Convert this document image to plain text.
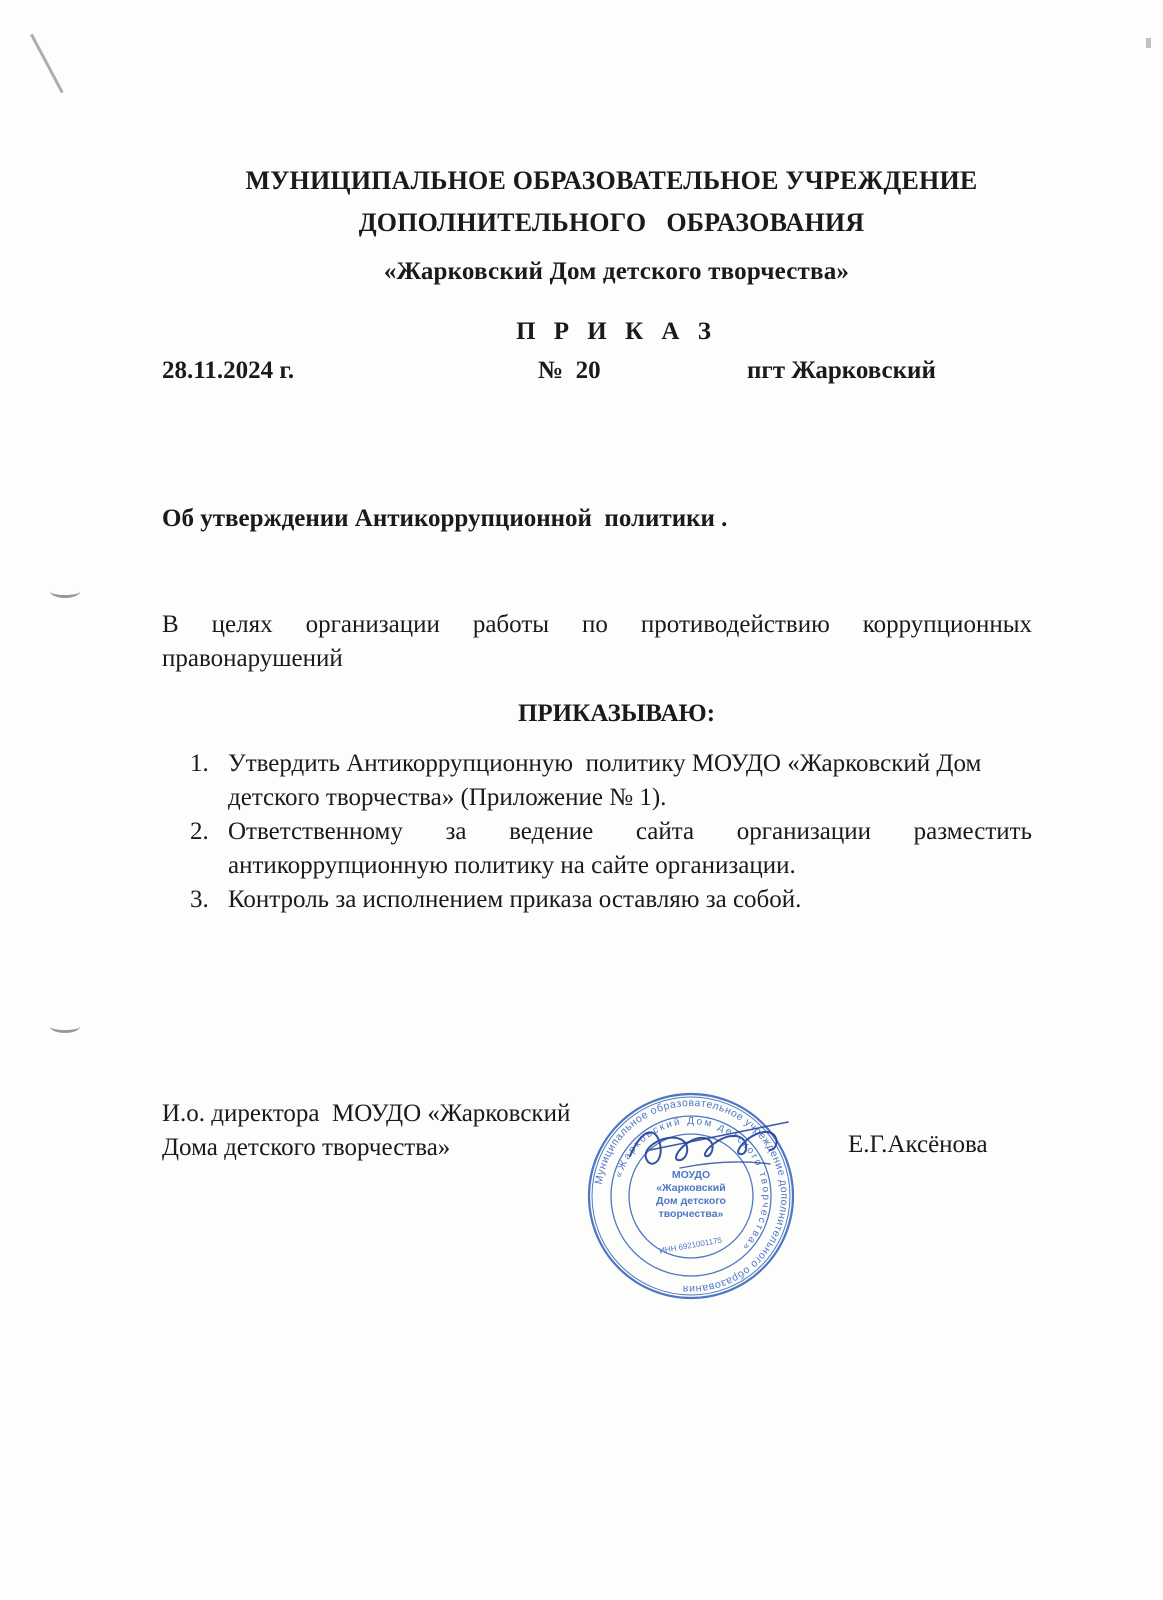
МУНИЦИПАЛЬНОЕ ОБРАЗОВАТЕЛЬНОЕ УЧРЕЖДЕНИЕ
ДОПОЛНИТЕЛЬНОГО   ОБРАЗОВАНИЯ
«Жарковский Дом детского творчества»
П Р И К А З
28.11.2024 г.	№  20	пгт Жарковский
Об утверждении Антикоррупционной  политики .
В целях организации работы по противодействию коррупционных
правонарушений
ПРИКАЗЫВАЮ:
1. Утвердить Антикоррупционную  политику МОУДО «Жарковский Дом
детского творчества» (Приложение № 1).
2. Ответственному за ведение сайта организации разместить
антикоррупционную политику на сайте организации.
3. Контроль за исполнением приказа оставляю за собой.
И.о. директора  МОУДО «Жарковский
Дома детского творчества»	Е.Г.Аксёнова
Муниципальное образовательное учреждение дополнительного образования
«Жарковский Дом детского творчества»
МОУДО
«Жарковский
Дом детского
творчества»
ИНН 6921001175
